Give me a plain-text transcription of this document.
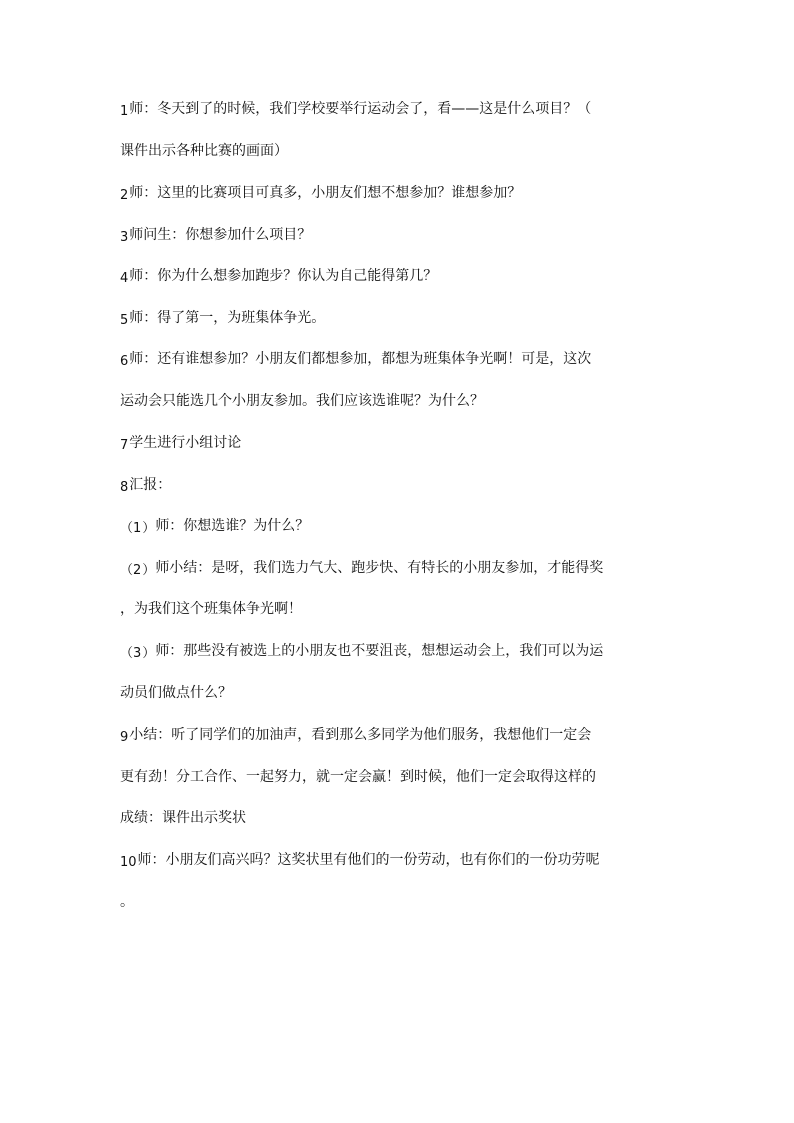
1师：冬天到了的时候，我们学校要举行运动会了，看——这是什么项目？（
课件出示各种比赛的画面）
2师：这里的比赛项目可真多，小朋友们想不想参加？谁想参加？
3师问生：你想参加什么项目？
4师：你为什么想参加跑步？你认为自己能得第几？
5师：得了第一，为班集体争光。
6师：还有谁想参加？小朋友们都想参加，都想为班集体争光啊！可是，这次
运动会只能选几个小朋友参加。我们应该选谁呢？为什么？
7学生进行小组讨论
8汇报：
（1）师：你想选谁？为什么？
（2）师小结：是呀，我们选力气大、跑步快、有特长的小朋友参加，才能得奖
，为我们这个班集体争光啊！
（3）师：那些没有被选上的小朋友也不要沮丧，想想运动会上，我们可以为运
动员们做点什么？
9小结：听了同学们的加油声，看到那么多同学为他们服务，我想他们一定会
更有劲！分工合作、一起努力，就一定会赢！到时候，他们一定会取得这样的
成绩：课件出示奖状
10师：小朋友们高兴吗？这奖状里有他们的一份劳动，也有你们的一份功劳呢
。
